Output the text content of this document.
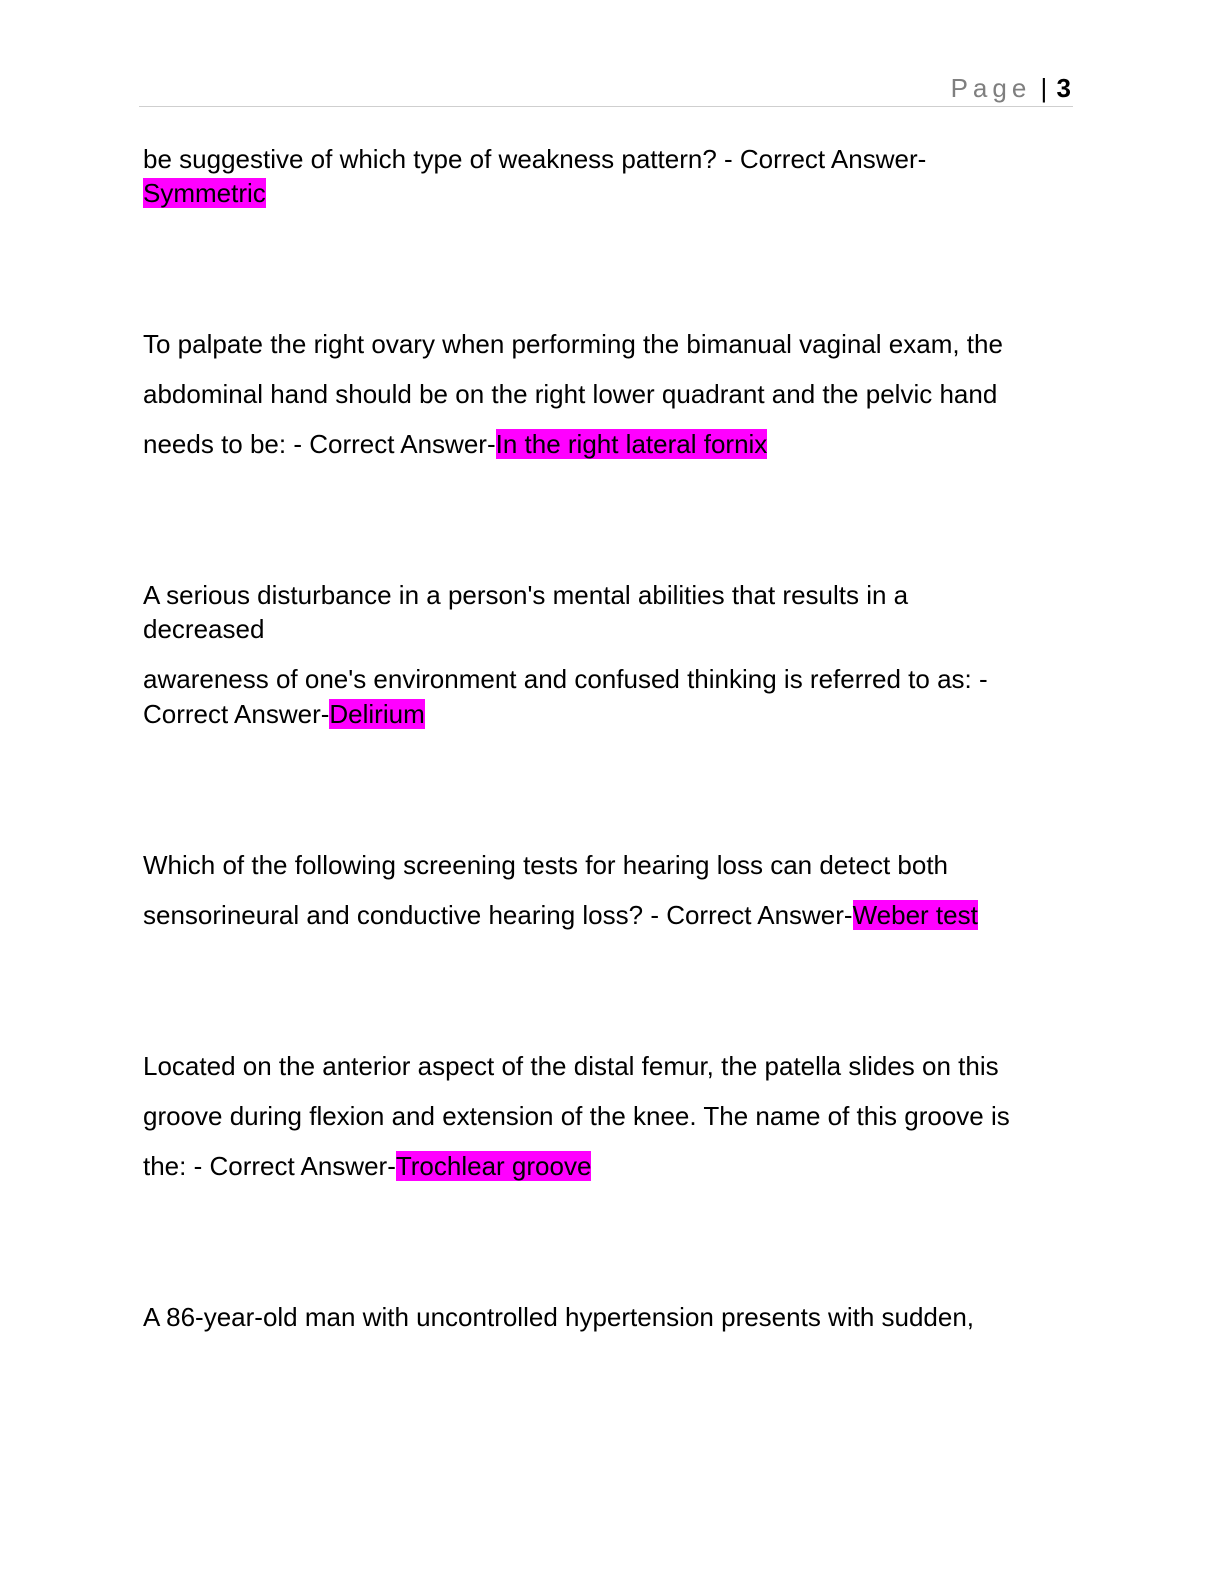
Page | 3
be suggestive of which type of weakness pattern? - Correct Answer-
Symmetric
To palpate the right ovary when performing the bimanual vaginal exam, the
abdominal hand should be on the right lower quadrant and the pelvic hand
needs to be: - Correct Answer-In the right lateral fornix
A serious disturbance in a person's mental abilities that results in a
decreased
awareness of one's environment and confused thinking is referred to as: -
Correct Answer-Delirium
Which of the following screening tests for hearing loss can detect both
sensorineural and conductive hearing loss? - Correct Answer-Weber test
Located on the anterior aspect of the distal femur, the patella slides on this
groove during flexion and extension of the knee. The name of this groove is
the: - Correct Answer-Trochlear groove
A 86-year-old man with uncontrolled hypertension presents with sudden,
